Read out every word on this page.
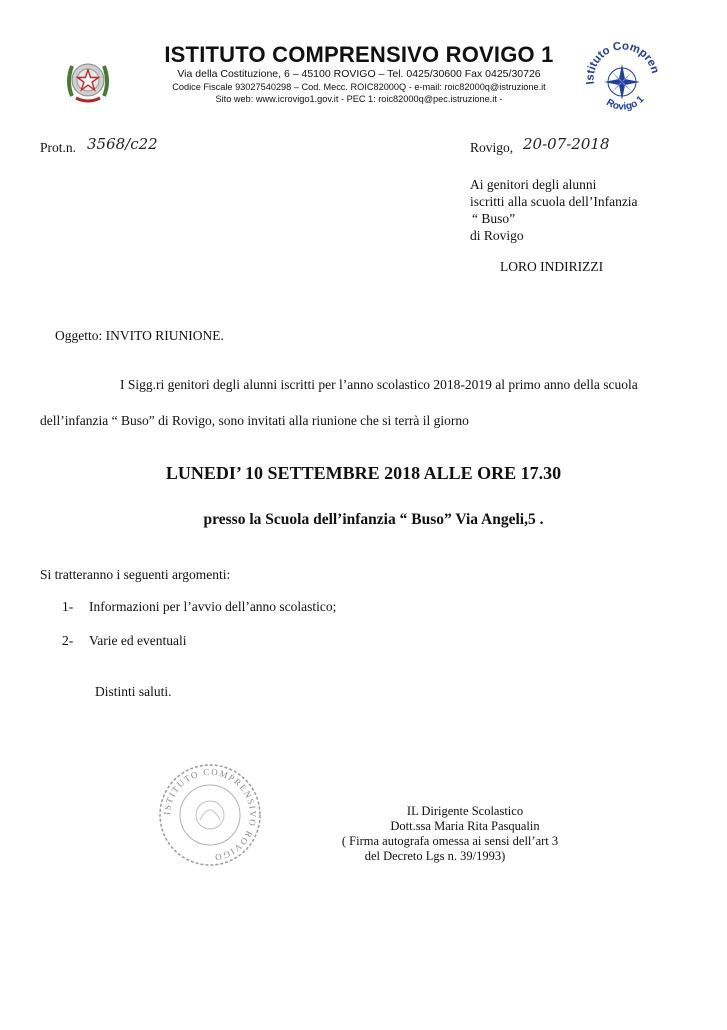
ISTITUTO COMPRENSIVO ROVIGO 1
Via della Costituzione, 6 – 45100 ROVIGO – Tel. 0425/30600 Fax 0425/30726
Codice Fiscale 93027540298 – Cod. Mecc. ROIC82000Q - e-mail: roic82000q@istruzione.it
Sito web: www.icrovigo1.gov.it - PEC 1: roic82000q@pec.istruzione.it -
Istituto Compren
Rovigo 1
Prot.n. 3568/c22	Rovigo, 20-07-2018
Ai genitori degli alunni
iscritti alla scuola dell’Infanzia
“ Buso”
di Rovigo
LORO INDIRIZZI
Oggetto: INVITO RIUNIONE.
I Sigg.ri genitori degli alunni iscritti per l’anno scolastico 2018-2019 al primo anno della scuola
dell’infanzia “ Buso” di Rovigo, sono invitati alla riunione che si terrà il giorno
LUNEDI’ 10 SETTEMBRE 2018 ALLE ORE 17.30
presso la Scuola dell’infanzia “ Buso” Via Angeli,5 .
Si tratteranno i seguenti argomenti:
1- Informazioni per l’avvio dell’anno scolastico;
2- Varie ed eventuali
Distinti saluti.
ISTITUTO COMPRENSIVO ROVIGO
IL Dirigente Scolastico
Dott.ssa Maria Rita Pasqualin
( Firma autografa omessa ai sensi dell’art 3
del Decreto Lgs n. 39/1993)
